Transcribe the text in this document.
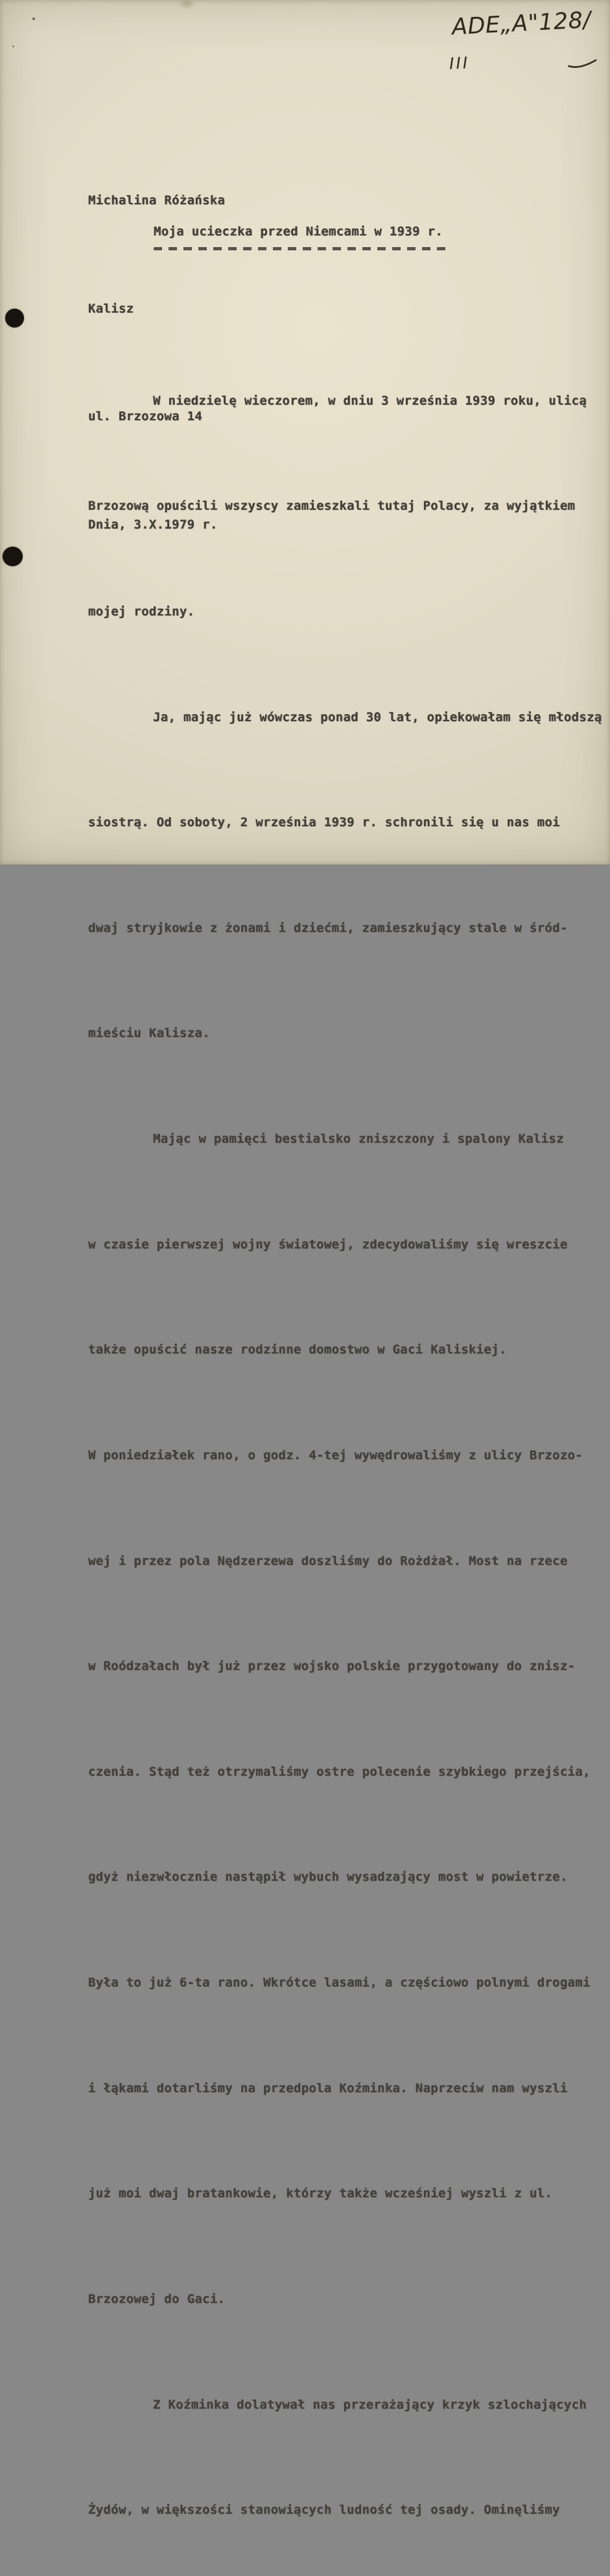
ADE„A"128/III

Michalina Różańska

Kalisz

ul. Brzozowa 14

Dnia, 3.X.1979 r.

Moja ucieczka przed Niemcami w 1939 r.

W niedzielę wieczorem, w dniu 3 września 1939 roku, ulicą

Brzozową opuścili wszyscy zamieszkali tutaj Polacy, za wyjątkiem

mojej rodziny.

Ja, mając już wówczas ponad 30 lat, opiekowałam się młodszą

siostrą. Od soboty, 2 września 1939 r. schronili się u nas moi

dwaj stryjkowie z żonami i dziećmi, zamieszkujący stale w śród-

mieściu Kalisza.

Mając w pamięci bestialsko zniszczony i spalony Kalisz

w czasie pierwszej wojny światowej, zdecydowaliśmy się wreszcie

także opuścić nasze rodzinne domostwo w Gaci Kaliskiej.

W poniedziałek rano, o godz. 4-tej wywędrowaliśmy z ulicy Brzozo-

wej i przez pola Nędzerzewa doszliśmy do Rożdżał. Most na rzece

w Roódzałach był już przez wojsko polskie przygotowany do znisz-

czenia. Stąd też otrzymaliśmy ostre polecenie szybkiego przejścia,

gdyż niezwłocznie nastąpił wybuch wysadzający most w powietrze.

Była to już 6-ta rano. Wkrótce lasami, a częściowo polnymi drogami

i łąkami dotarliśmy na przedpola Koźminka. Naprzeciw nam wyszli

już moi dwaj bratankowie, którzy także wcześniej wyszli z ul.

Brzozowej do Gaci.

Z Koźminka dolatywał nas przerażający krzyk szlochających

Żydów, w większości stanowiących ludność tej osady. Ominęliśmy
